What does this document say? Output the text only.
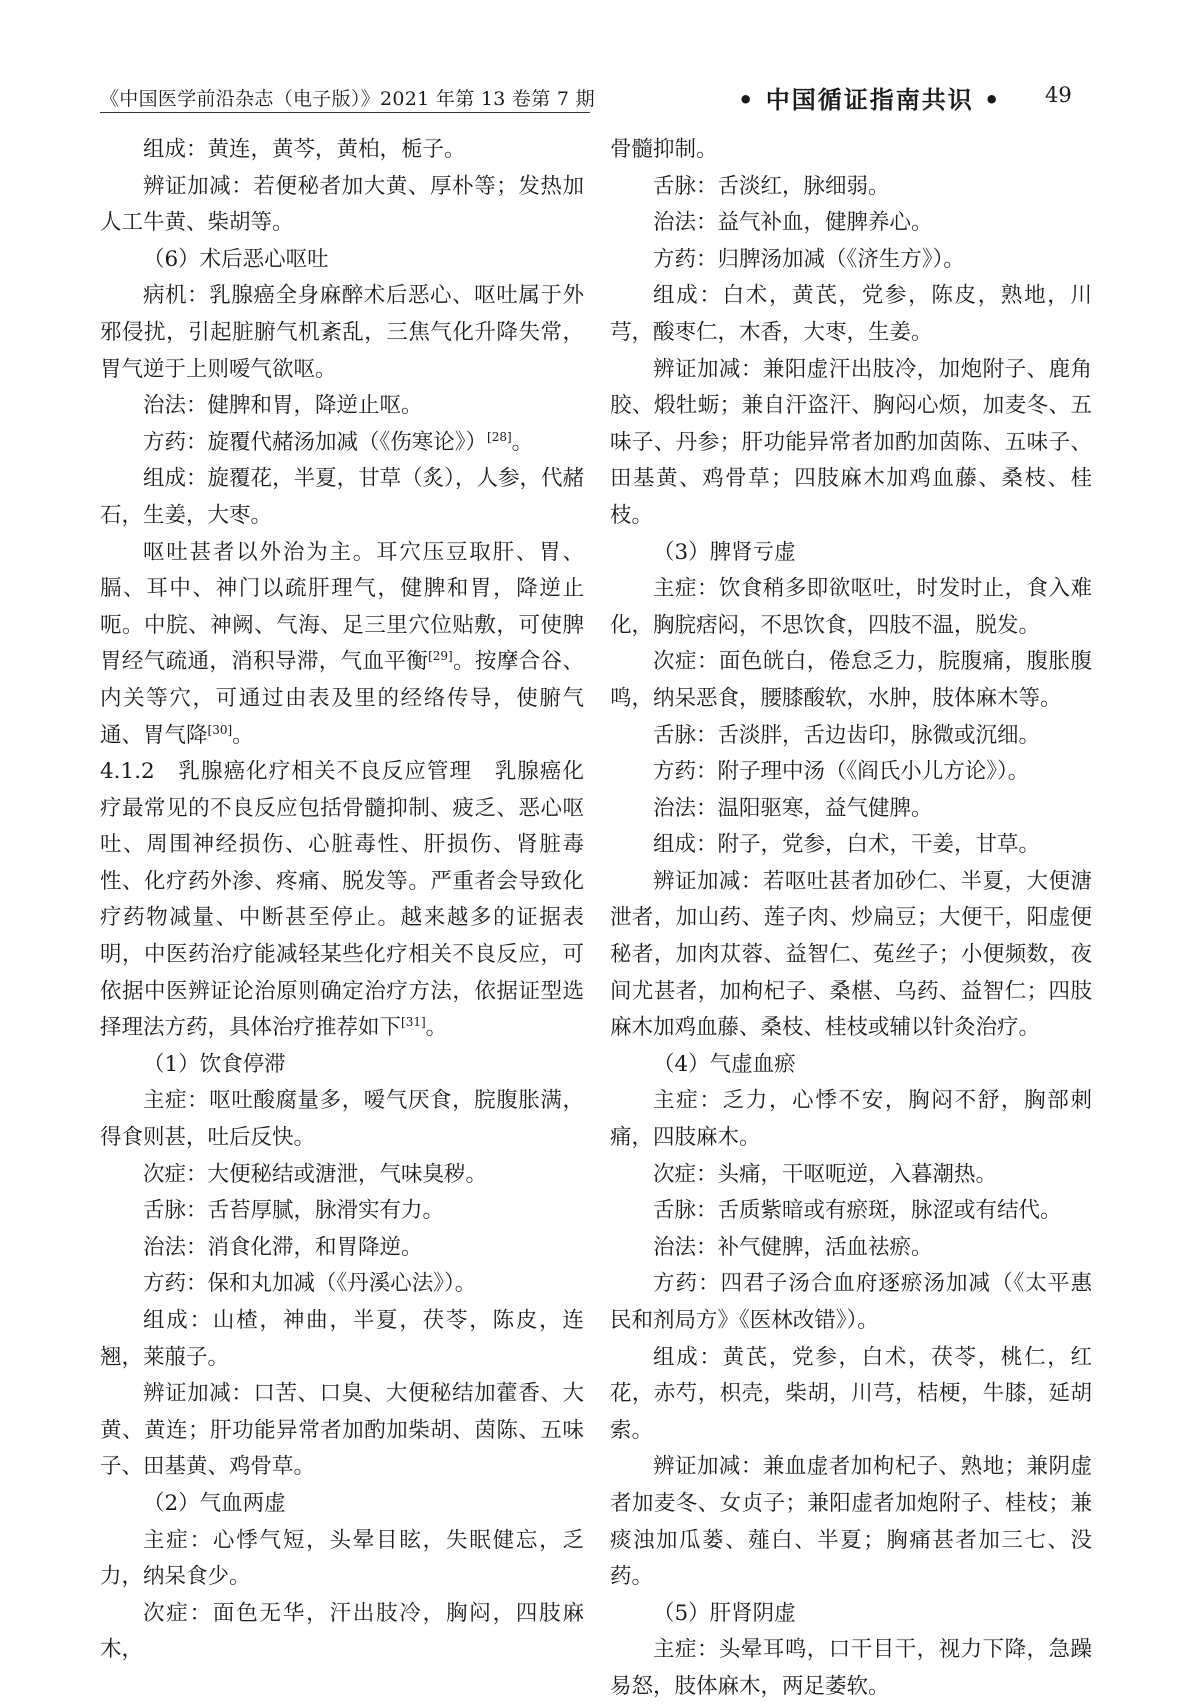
《中国医学前沿杂志（电子版）》2021 年第 13 卷第 7 期	• 中国循证指南共识 • 49

组成：黄连，黄芩，黄柏，栀子。

辨证加减：若便秘者加大黄、厚朴等；发热加人工牛黄、柴胡等。

（6）术后恶心呕吐

病机：乳腺癌全身麻醉术后恶心、呕吐属于外邪侵扰，引起脏腑气机紊乱，三焦气化升降失常，胃气逆于上则嗳气欲呕。

治法：健脾和胃，降逆止呕。

方药：旋覆代赭汤加减（《伤寒论》）[28]。

组成：旋覆花，半夏，甘草（炙），人参，代赭石，生姜，大枣。

呕吐甚者以外治为主。耳穴压豆取肝、胃、膈、耳中、神门以疏肝理气，健脾和胃，降逆止呃。中脘、神阙、气海、足三里穴位贴敷，可使脾胃经气疏通，消积导滞，气血平衡[29]。按摩合谷、内关等穴，可通过由表及里的经络传导，使腑气通、胃气降[30]。

4.1.2　乳腺癌化疗相关不良反应管理　乳腺癌化疗最常见的不良反应包括骨髓抑制、疲乏、恶心呕吐、周围神经损伤、心脏毒性、肝损伤、肾脏毒性、化疗药外渗、疼痛、脱发等。严重者会导致化疗药物减量、中断甚至停止。越来越多的证据表明，中医药治疗能减轻某些化疗相关不良反应，可依据中医辨证论治原则确定治疗方法，依据证型选择理法方药，具体治疗推荐如下[31]。

（1）饮食停滞

主症：呕吐酸腐量多，嗳气厌食，脘腹胀满，得食则甚，吐后反快。

次症：大便秘结或溏泄，气味臭秽。

舌脉：舌苔厚腻，脉滑实有力。

治法：消食化滞，和胃降逆。

方药：保和丸加减（《丹溪心法》）。

组成：山楂，神曲，半夏，茯苓，陈皮，连翘，莱菔子。

辨证加减：口苦、口臭、大便秘结加藿香、大黄、黄连；肝功能异常者加酌加柴胡、茵陈、五味子、田基黄、鸡骨草。

（2）气血两虚

主症：心悸气短，头晕目眩，失眠健忘，乏力，纳呆食少。

次症：面色无华，汗出肢冷，胸闷，四肢麻木，

骨髓抑制。

舌脉：舌淡红，脉细弱。

治法：益气补血，健脾养心。

方药：归脾汤加减（《济生方》）。

组成：白术，黄芪，党参，陈皮，熟地，川芎，酸枣仁，木香，大枣，生姜。

辨证加减：兼阳虚汗出肢冷，加炮附子、鹿角胶、煅牡蛎；兼自汗盗汗、胸闷心烦，加麦冬、五味子、丹参；肝功能异常者加酌加茵陈、五味子、田基黄、鸡骨草；四肢麻木加鸡血藤、桑枝、桂枝。

（3）脾肾亏虚

主症：饮食稍多即欲呕吐，时发时止，食入难化，胸脘痞闷，不思饮食，四肢不温，脱发。

次症：面色㿠白，倦怠乏力，脘腹痛，腹胀腹鸣，纳呆恶食，腰膝酸软，水肿，肢体麻木等。

舌脉：舌淡胖，舌边齿印，脉微或沉细。

方药：附子理中汤（《阎氏小儿方论》）。

治法：温阳驱寒，益气健脾。

组成：附子，党参，白术，干姜，甘草。

辨证加减：若呕吐甚者加砂仁、半夏，大便溏泄者，加山药、莲子肉、炒扁豆；大便干，阳虚便秘者，加肉苁蓉、益智仁、菟丝子；小便频数，夜间尤甚者，加枸杞子、桑椹、乌药、益智仁；四肢麻木加鸡血藤、桑枝、桂枝或辅以针灸治疗。

（4）气虚血瘀

主症：乏力，心悸不安，胸闷不舒，胸部刺痛，四肢麻木。

次症：头痛，干呕呃逆，入暮潮热。

舌脉：舌质紫暗或有瘀斑，脉涩或有结代。

治法：补气健脾，活血祛瘀。

方药：四君子汤合血府逐瘀汤加减（《太平惠民和剂局方》《医林改错》）。

组成：黄芪，党参，白术，茯苓，桃仁，红花，赤芍，枳壳，柴胡，川芎，桔梗，牛膝，延胡索。

辨证加减：兼血虚者加枸杞子、熟地；兼阴虚者加麦冬、女贞子；兼阳虚者加炮附子、桂枝；兼痰浊加瓜蒌、薤白、半夏；胸痛甚者加三七、没药。

（5）肝肾阴虚

主症：头晕耳鸣，口干目干，视力下降，急躁易怒，肢体麻木，两足萎软。
